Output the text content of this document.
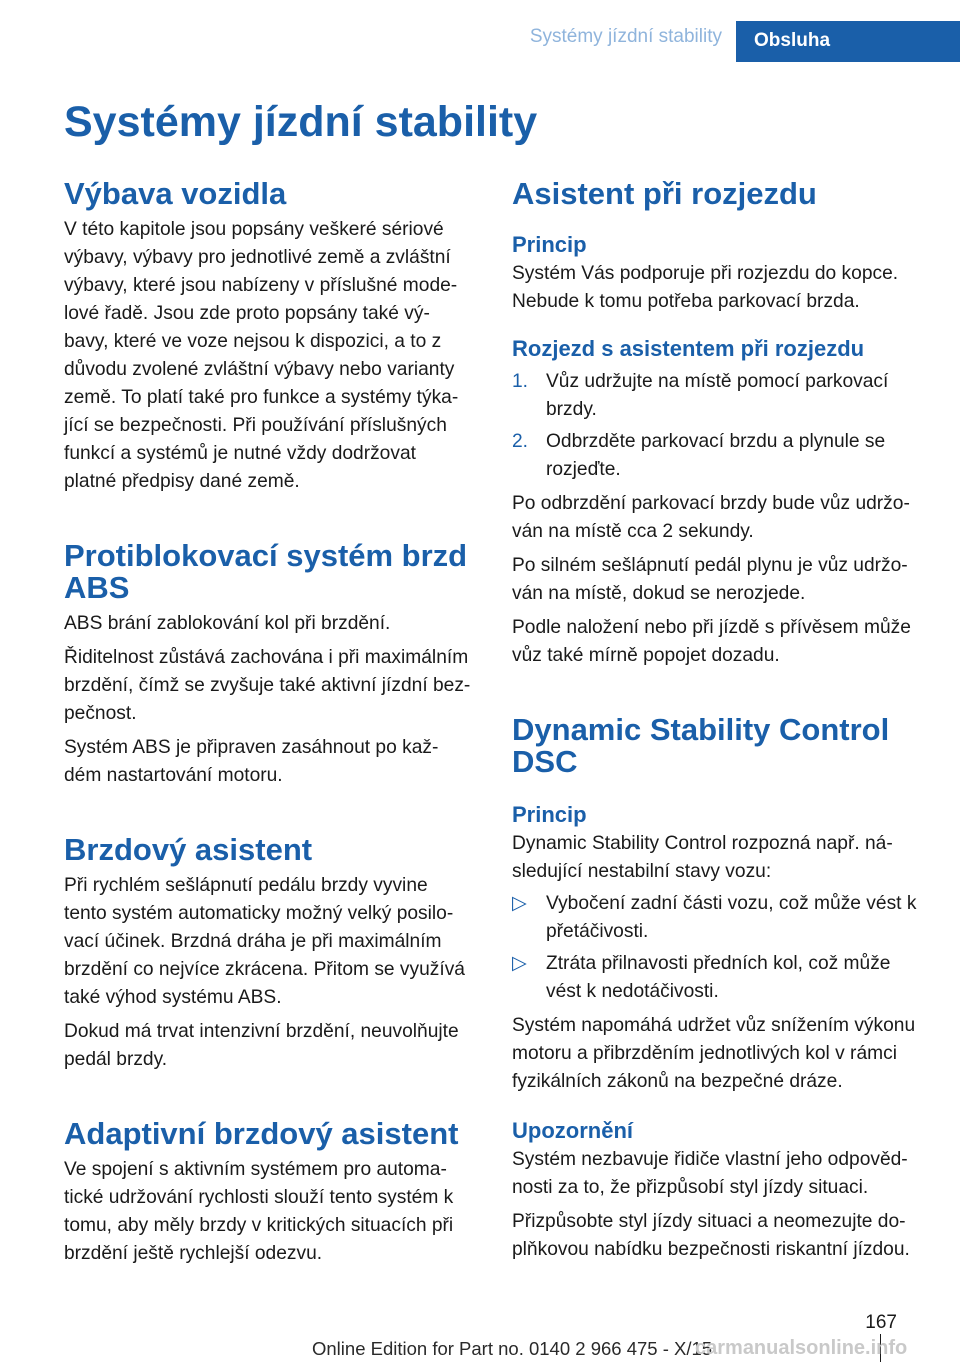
Systémy jízdní stability	Obsluha
Systémy jízdní stability
Výbava vozidla

V této kapitole jsou popsány veškeré sériové
výbavy, výbavy pro jednotlivé země a zvláštní
výbavy, které jsou nabízeny v příslušné mode-
lové řadě. Jsou zde proto popsány také vý-
bavy, které ve voze nejsou k dispozici, a to z
důvodu zvolené zvláštní výbavy nebo varianty
země. To platí také pro funkce a systémy týka-
jící se bezpečnosti. Při používání příslušných
funkcí a systémů je nutné vždy dodržovat
platné předpisy dané země.

Protiblokovací systém brzd
ABS

ABS brání zablokování kol při brzdění.

Řiditelnost zůstává zachována i při maximálním
brzdění, čímž se zvyšuje také aktivní jízdní bez-
pečnost.

Systém ABS je připraven zasáhnout po kaž-
dém nastartování motoru.

Brzdový asistent

Při rychlém sešlápnutí pedálu brzdy vyvine
tento systém automaticky možný velký posilo-
vací účinek. Brzdná dráha je při maximálním
brzdění co nejvíce zkrácena. Přitom se využívá
také výhod systému ABS.

Dokud má trvat intenzivní brzdění, neuvolňujte
pedál brzdy.

Adaptivní brzdový asistent

Ve spojení s aktivním systémem pro automa-
tické udržování rychlosti slouží tento systém k
tomu, aby měly brzdy v kritických situacích při
brzdění ještě rychlejší odezvu.

Asistent při rozjezdu
Princip

Systém Vás podporuje při rozjezdu do kopce.
Nebude k tomu potřeba parkovací brzda.

Rozjezd s asistentem při rozjezdu
1. Vůz udržujte na místě pomocí parkovací
brzdy.
2. Odbrzděte parkovací brzdu a plynule se
rozjeďte.

Po odbrzdění parkovací brzdy bude vůz udržo-
ván na místě cca 2 sekundy.

Po silném sešlápnutí pedál plynu je vůz udržo-
ván na místě, dokud se nerozjede.

Podle naložení nebo při jízdě s přívěsem může
vůz také mírně popojet dozadu.

Dynamic Stability Control
DSC
Princip

Dynamic Stability Control rozpozná např. ná-
sledující nestabilní stavy vozu:

▷ Vybočení zadní části vozu, což může vést k
přetáčivosti.
▷ Ztráta přilnavosti předních kol, což může
vést k nedotáčivosti.

Systém napomáhá udržet vůz snížením výkonu
motoru a přibrzděním jednotlivých kol v rámci
fyzikálních zákonů na bezpečné dráze.

Upozornění

Systém nezbavuje řidiče vlastní jeho odpověd-
nosti za to, že přizpůsobí styl jízdy situaci.

Přizpůsobte styl jízdy situaci a neomezujte do-
plňkovou nabídku bezpečnosti riskantní jízdou.

167
Online Edition for Part no. 0140 2 966 475 - X/15
carmanualsonline.info
